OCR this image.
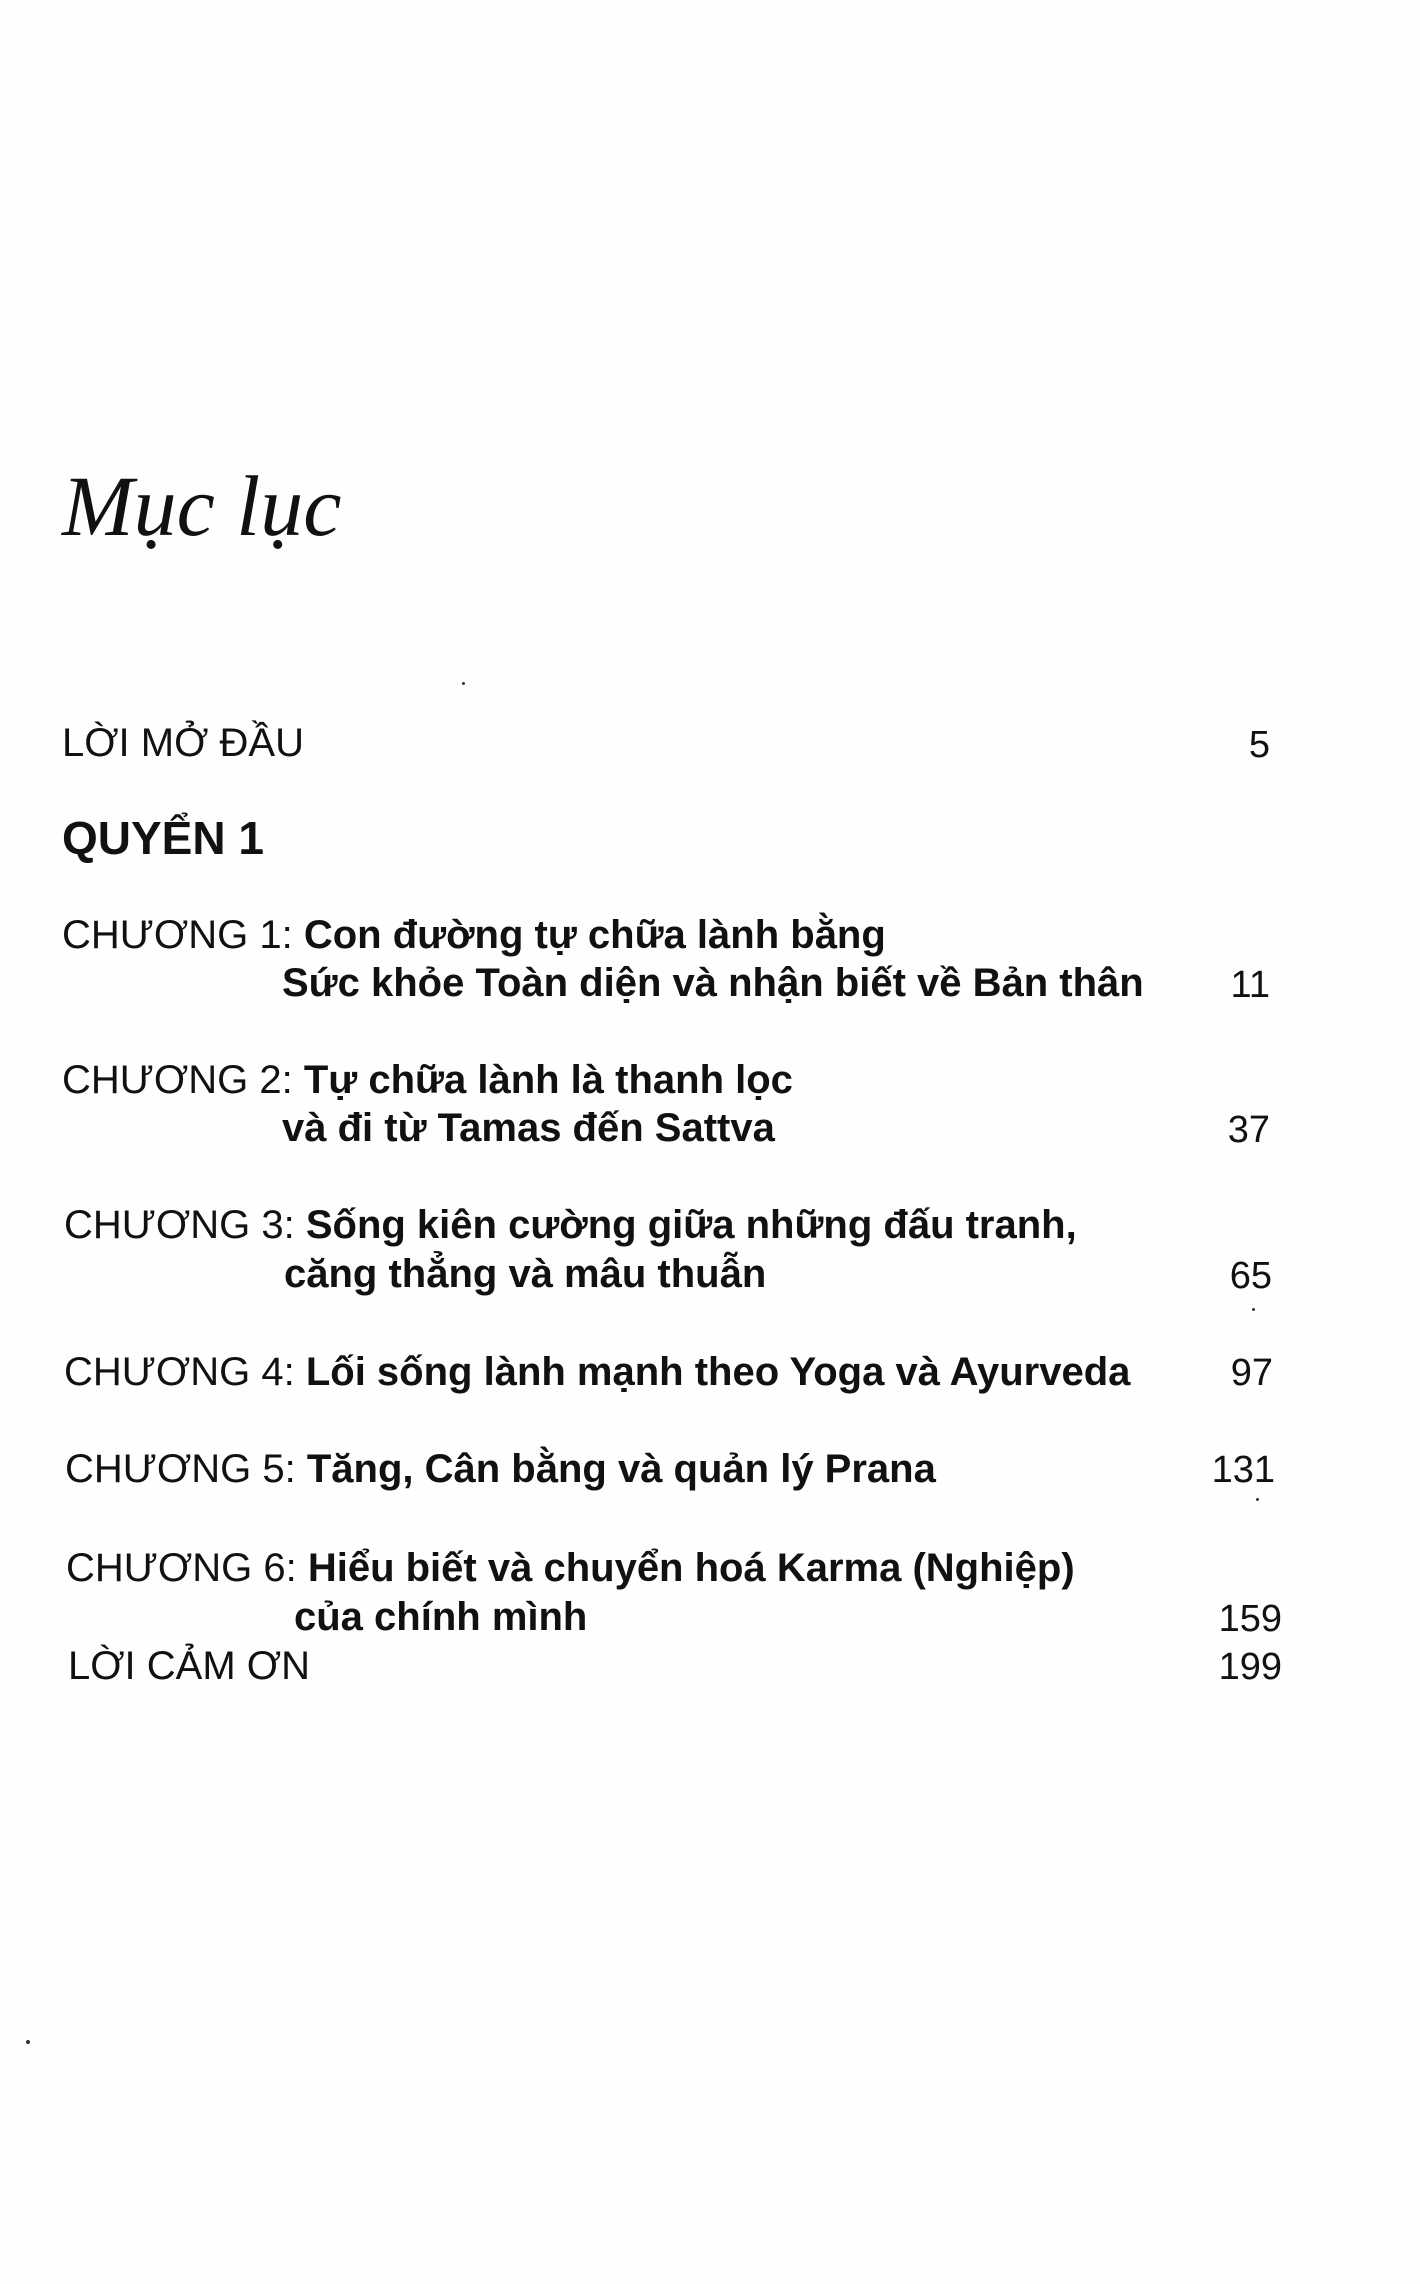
Mục lục
LỜI MỞ ĐẦU	5
QUYỂN 1
CHƯƠNG 1: Con đường tự chữa lành bằng
Sức khỏe Toàn diện và nhận biết về Bản thân	11
CHƯƠNG 2: Tự chữa lành là thanh lọc
và đi từ Tamas đến Sattva	37
CHƯƠNG 3: Sống kiên cường giữa những đấu tranh,
căng thẳng và mâu thuẫn	65
CHƯƠNG 4: Lối sống lành mạnh theo Yoga và Ayurveda	97
CHƯƠNG 5: Tăng, Cân bằng và quản lý Prana	131
CHƯƠNG 6: Hiểu biết và chuyển hoá Karma (Nghiệp)
của chính mình	159
LỜI CẢM ƠN	199
